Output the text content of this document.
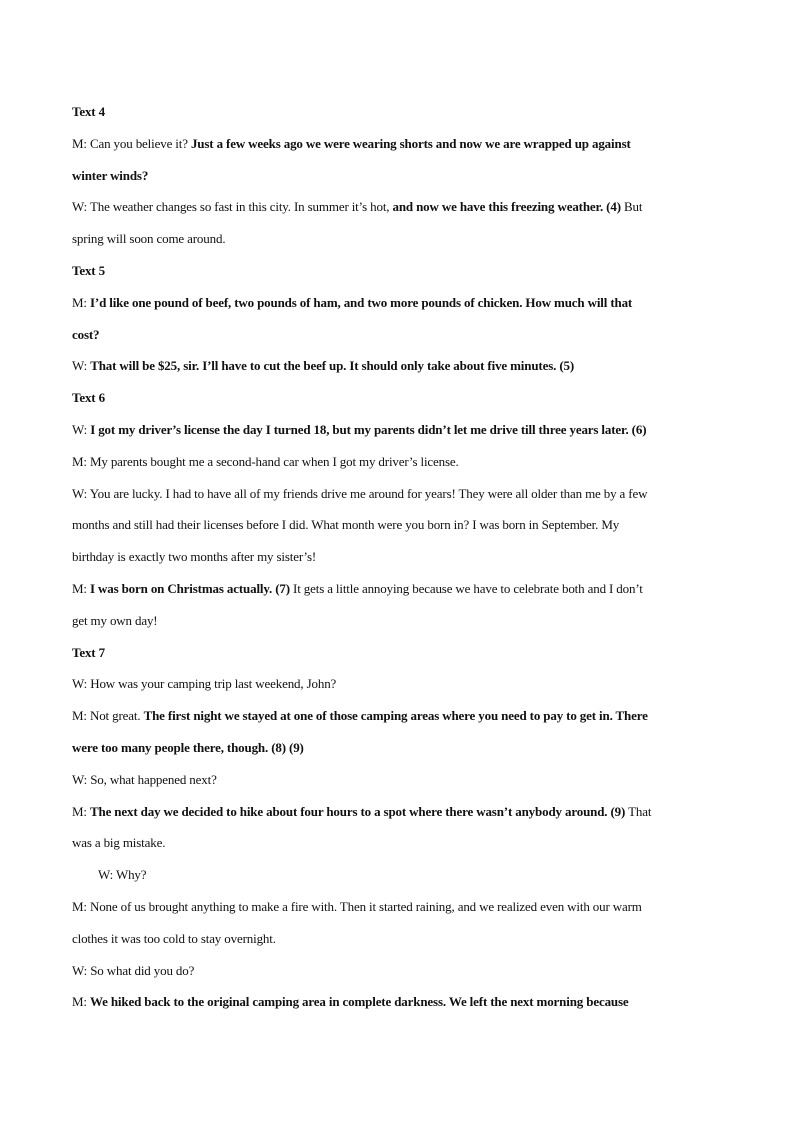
Text 4
M: Can you believe it? Just a few weeks ago we were wearing shorts and now we are wrapped up against
winter winds?
W: The weather changes so fast in this city. In summer it’s hot, and now we have this freezing weather. (4) But
spring will soon come around.
Text 5
M: I’d like one pound of beef, two pounds of ham, and two more pounds of chicken. How much will that
cost?
W: That will be $25, sir. I’ll have to cut the beef up. It should only take about five minutes. (5)
Text 6
W: I got my driver’s license the day I turned 18, but my parents didn’t let me drive till three years later. (6)
M: My parents bought me a second-hand car when I got my driver’s license.
W: You are lucky. I had to have all of my friends drive me around for years! They were all older than me by a few
months and still had their licenses before I did. What month were you born in? I was born in September. My
birthday is exactly two months after my sister’s!
M: I was born on Christmas actually. (7) It gets a little annoying because we have to celebrate both and I don’t
get my own day!
Text 7
W: How was your camping trip last weekend, John?
M: Not great. The first night we stayed at one of those camping areas where you need to pay to get in. There
were too many people there, though. (8) (9)
W: So, what happened next?
M: The next day we decided to hike about four hours to a spot where there wasn’t anybody around. (9) That
was a big mistake.
W: Why?
M: None of us brought anything to make a fire with. Then it started raining, and we realized even with our warm
clothes it was too cold to stay overnight.
W: So what did you do?
M: We hiked back to the original camping area in complete darkness. We left the next morning because
